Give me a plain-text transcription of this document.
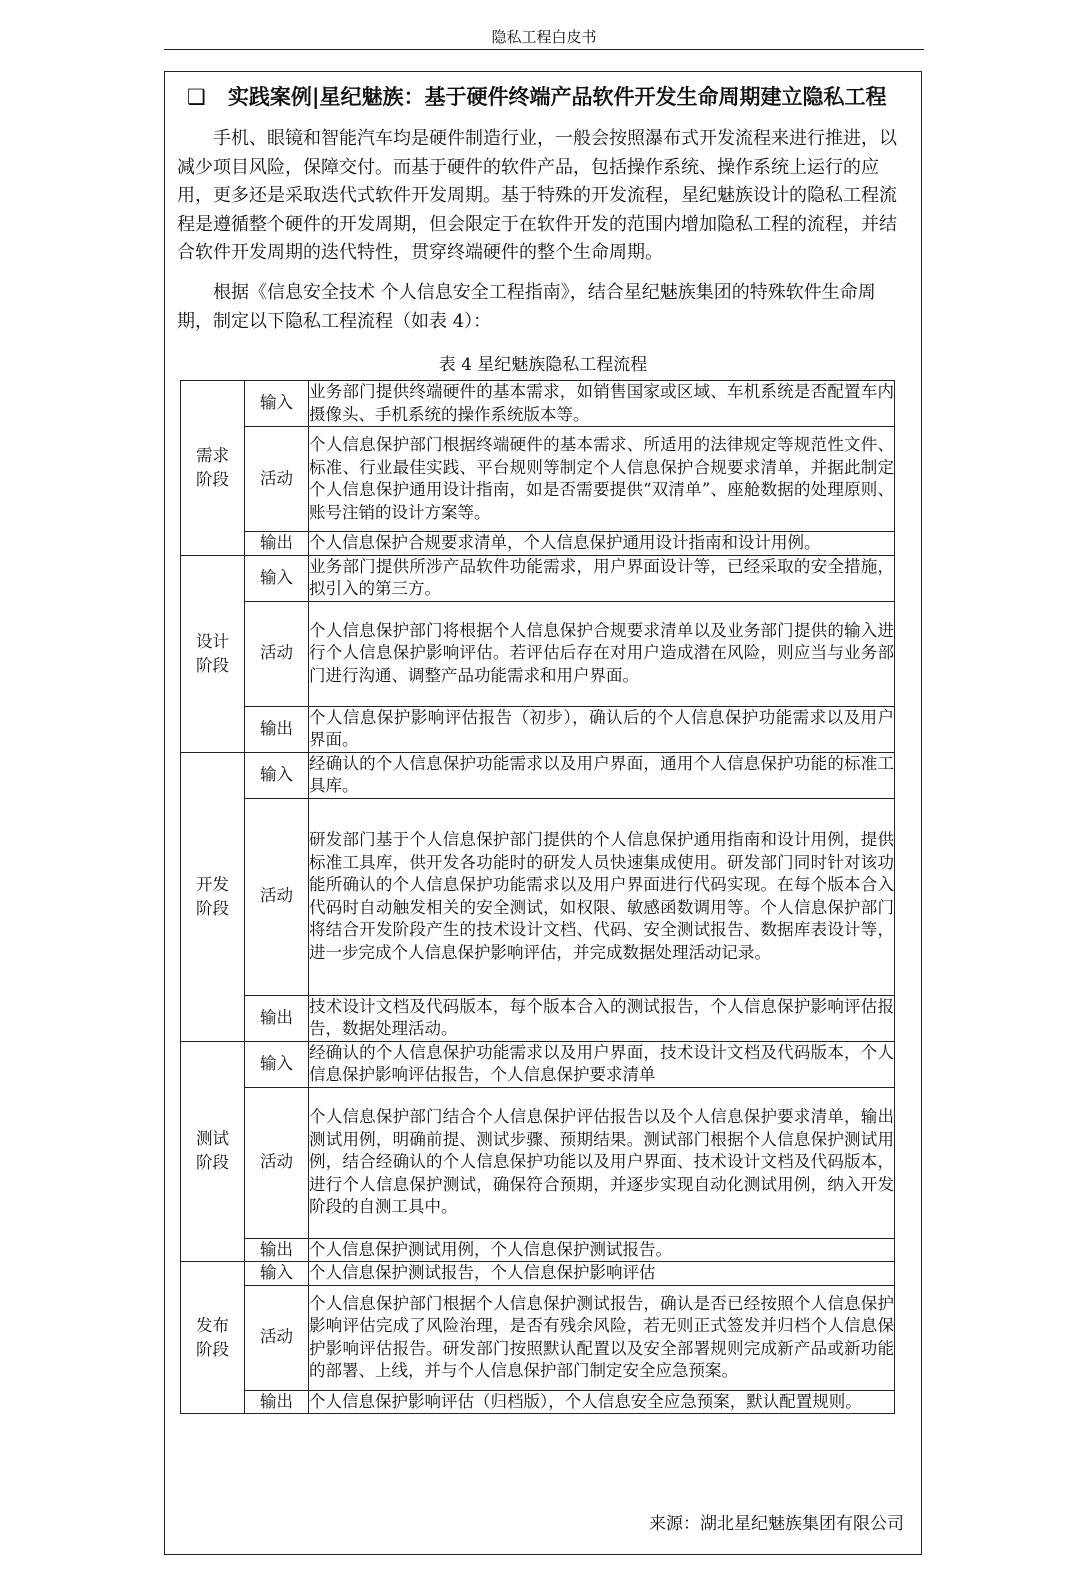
隐私工程白皮书
❑ 实践案例|星纪魅族：基于硬件终端产品软件开发生命周期建立隐私工程

手机、眼镜和智能汽车均是硬件制造行业，一般会按照瀑布式开发流程来进行推进，以减少项目风险，保障交付。而基于硬件的软件产品，包括操作系统、操作系统上运行的应用，更多还是采取迭代式软件开发周期。基于特殊的开发流程，星纪魅族设计的隐私工程流程是遵循整个硬件的开发周期，但会限定于在软件开发的范围内增加隐私工程的流程，并结合软件开发周期的迭代特性，贯穿终端硬件的整个生命周期。

根据《信息安全技术 个人信息安全工程指南》，结合星纪魅族集团的特殊软件生命周期，制定以下隐私工程流程（如表 4）：

表 4 星纪魅族隐私工程流程
需求
阶段	输入	业务部门提供终端硬件的基本需求，如销售国家或区域、车机系统是否配置车内摄像头、手机系统的操作系统版本等。
	活动	个人信息保护部门根据终端硬件的基本需求、所适用的法律规定等规范性文件、标准、行业最佳实践、平台规则等制定个人信息保护合规要求清单，并据此制定个人信息保护通用设计指南，如是否需要提供“双清单”、座舱数据的处理原则、账号注销的设计方案等。
	输出	个人信息保护合规要求清单，个人信息保护通用设计指南和设计用例。
设计
阶段	输入	业务部门提供所涉产品软件功能需求，用户界面设计等，已经采取的安全措施，拟引入的第三方。
	活动	个人信息保护部门将根据个人信息保护合规要求清单以及业务部门提供的输入进行个人信息保护影响评估。若评估后存在对用户造成潜在风险，则应当与业务部门进行沟通、调整产品功能需求和用户界面。
	输出	个人信息保护影响评估报告（初步），确认后的个人信息保护功能需求以及用户界面。
开发
阶段	输入	经确认的个人信息保护功能需求以及用户界面，通用个人信息保护功能的标准工具库。
	活动	研发部门基于个人信息保护部门提供的个人信息保护通用指南和设计用例，提供标准工具库，供开发各功能时的研发人员快速集成使用。研发部门同时针对该功能所确认的个人信息保护功能需求以及用户界面进行代码实现。在每个版本合入代码时自动触发相关的安全测试，如权限、敏感函数调用等。个人信息保护部门将结合开发阶段产生的技术设计文档、代码、安全测试报告、数据库表设计等，进一步完成个人信息保护影响评估，并完成数据处理活动记录。
	输出	技术设计文档及代码版本，每个版本合入的测试报告，个人信息保护影响评估报告，数据处理活动。
测试
阶段	输入	经确认的个人信息保护功能需求以及用户界面，技术设计文档及代码版本，个人信息保护影响评估报告，个人信息保护要求清单
	活动	个人信息保护部门结合个人信息保护评估报告以及个人信息保护要求清单，输出测试用例，明确前提、测试步骤、预期结果。测试部门根据个人信息保护测试用例，结合经确认的个人信息保护功能以及用户界面、技术设计文档及代码版本，进行个人信息保护测试，确保符合预期，并逐步实现自动化测试用例，纳入开发阶段的自测工具中。
	输出	个人信息保护测试用例，个人信息保护测试报告。
发布
阶段	输入	个人信息保护测试报告，个人信息保护影响评估
	活动	个人信息保护部门根据个人信息保护测试报告，确认是否已经按照个人信息保护影响评估完成了风险治理，是否有残余风险，若无则正式签发并归档个人信息保护影响评估报告。研发部门按照默认配置以及安全部署规则完成新产品或新功能的部署、上线，并与个人信息保护部门制定安全应急预案。
	输出	个人信息保护影响评估（归档版），个人信息安全应急预案，默认配置规则。
来源：湖北星纪魅族集团有限公司
